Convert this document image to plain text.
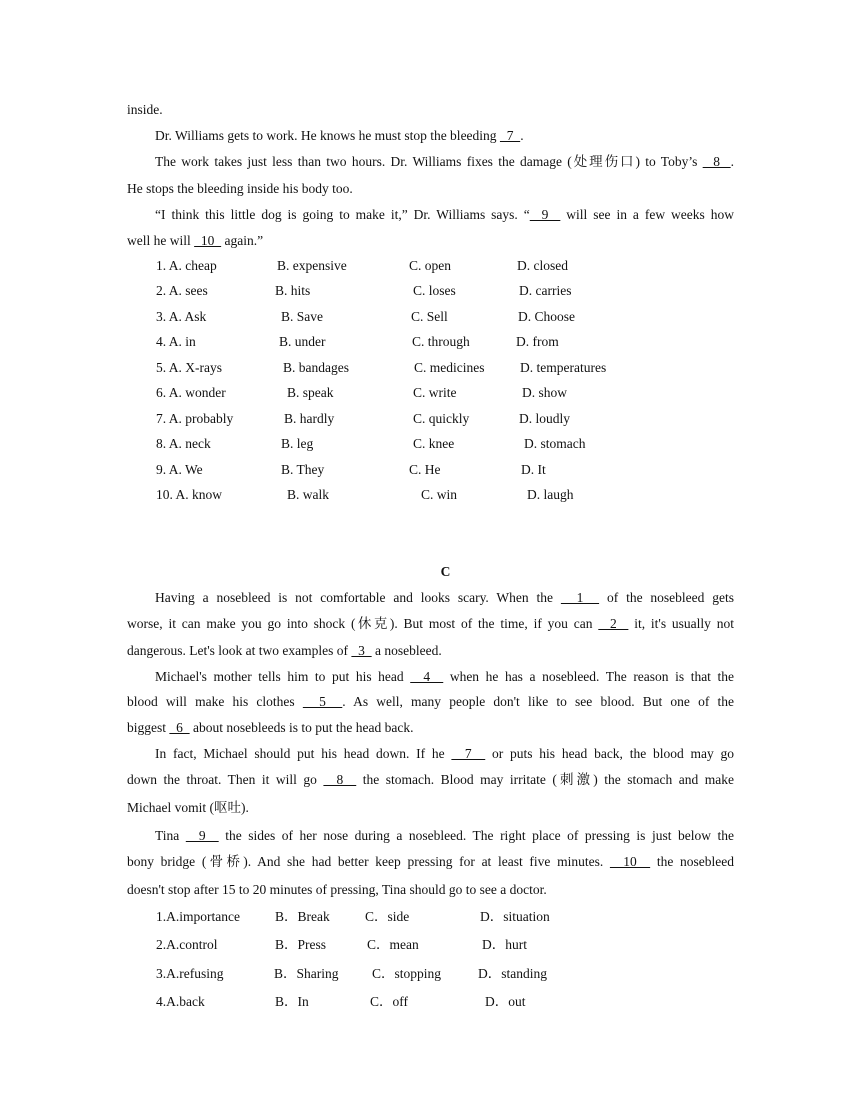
inside.
Dr. Williams gets to work. He knows he must stop the bleeding   7  .
The work takes just less than two hours. Dr. Williams fixes the damage (处理伤口) to Toby’s   8  .
He stops the bleeding inside his body too.
“I think this little dog is going to make it,” Dr. Williams says. “  9   will see in a few weeks how
well he will   10   again.”
1. A. cheap	B. expensive	C. open	D. closed
2. A. sees	B. hits	C. loses	D. carries
3. A. Ask	B. Save	C. Sell	D. Choose
4. A. in	B. under	C. through	D. from
5. A. X-rays	B. bandages	C. medicines	D. temperatures
6. A. wonder	B. speak	C. write	D. show
7. A. probably	B. hardly	C. quickly	D. loudly
8. A. neck	B. leg	C. knee	D. stomach
9. A. We	B. They	C. He	D. It
10. A. know	B. walk	C. win	D. laugh
C
Having a nosebleed is not comfortable and looks scary. When the   1   of the nosebleed gets
worse, it can make you go into shock (休克). But most of the time, if you can   2   it, it's usually not
dangerous. Let's look at two examples of   3   a nosebleed.
Michael's mother tells him to put his head   4   when he has a nosebleed. The reason is that the
blood will make his clothes   5  . As well, many people don't like to see blood. But one of the
biggest   6   about nosebleeds is to put the head back.
In fact, Michael should put his head down. If he   7   or puts his head back, the blood may go
down the throat. Then it will go   8   the stomach. Blood may irritate (刺激) the stomach and make
Michael vomit (呕吐).
Tina   9   the sides of her nose during a nosebleed. The right place of pressing is just below the
bony bridge (骨桥). And she had better keep pressing for at least five minutes.   10   the nosebleed
doesn't stop after 15 to 20 minutes of pressing, Tina should go to see a doctor.
1.A.importance	B．Break	C．side	D．situation
2.A.control	B．Press	C．mean	D．hurt
3.A.refusing	B．Sharing C．stopping	D．standing
4.A.back	B．In	C．off	D．out
